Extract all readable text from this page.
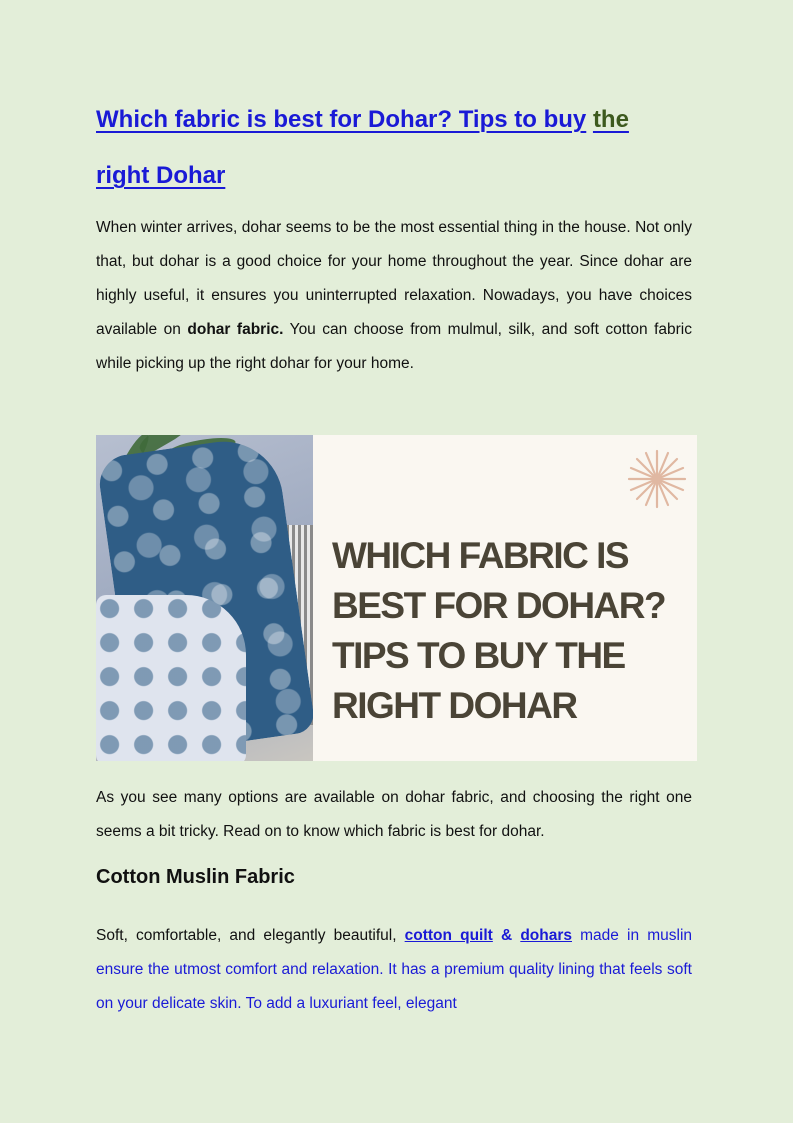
Which fabric is best for Dohar? Tips to buy the
right Dohar

When winter arrives, dohar seems to be the most essential thing in the house. Not only that, but dohar is a good choice for your home throughout the year. Since dohar are highly useful, it ensures you uninterrupted relaxation. Nowadays, you have choices available on dohar fabric. You can choose from mulmul, silk, and soft cotton fabric while picking up the right dohar for your home.

WHICH FABRIC IS BEST FOR DOHAR? TIPS TO BUY THE RIGHT DOHAR

As you see many options are available on dohar fabric, and choosing the right one seems a bit tricky. Read on to know which fabric is best for dohar.

Cotton Muslin Fabric

Soft, comfortable, and elegantly beautiful, cotton quilt & dohars made in muslin ensure the utmost comfort and relaxation. It has a premium quality lining that feels soft on your delicate skin. To add a luxuriant feel, elegant
